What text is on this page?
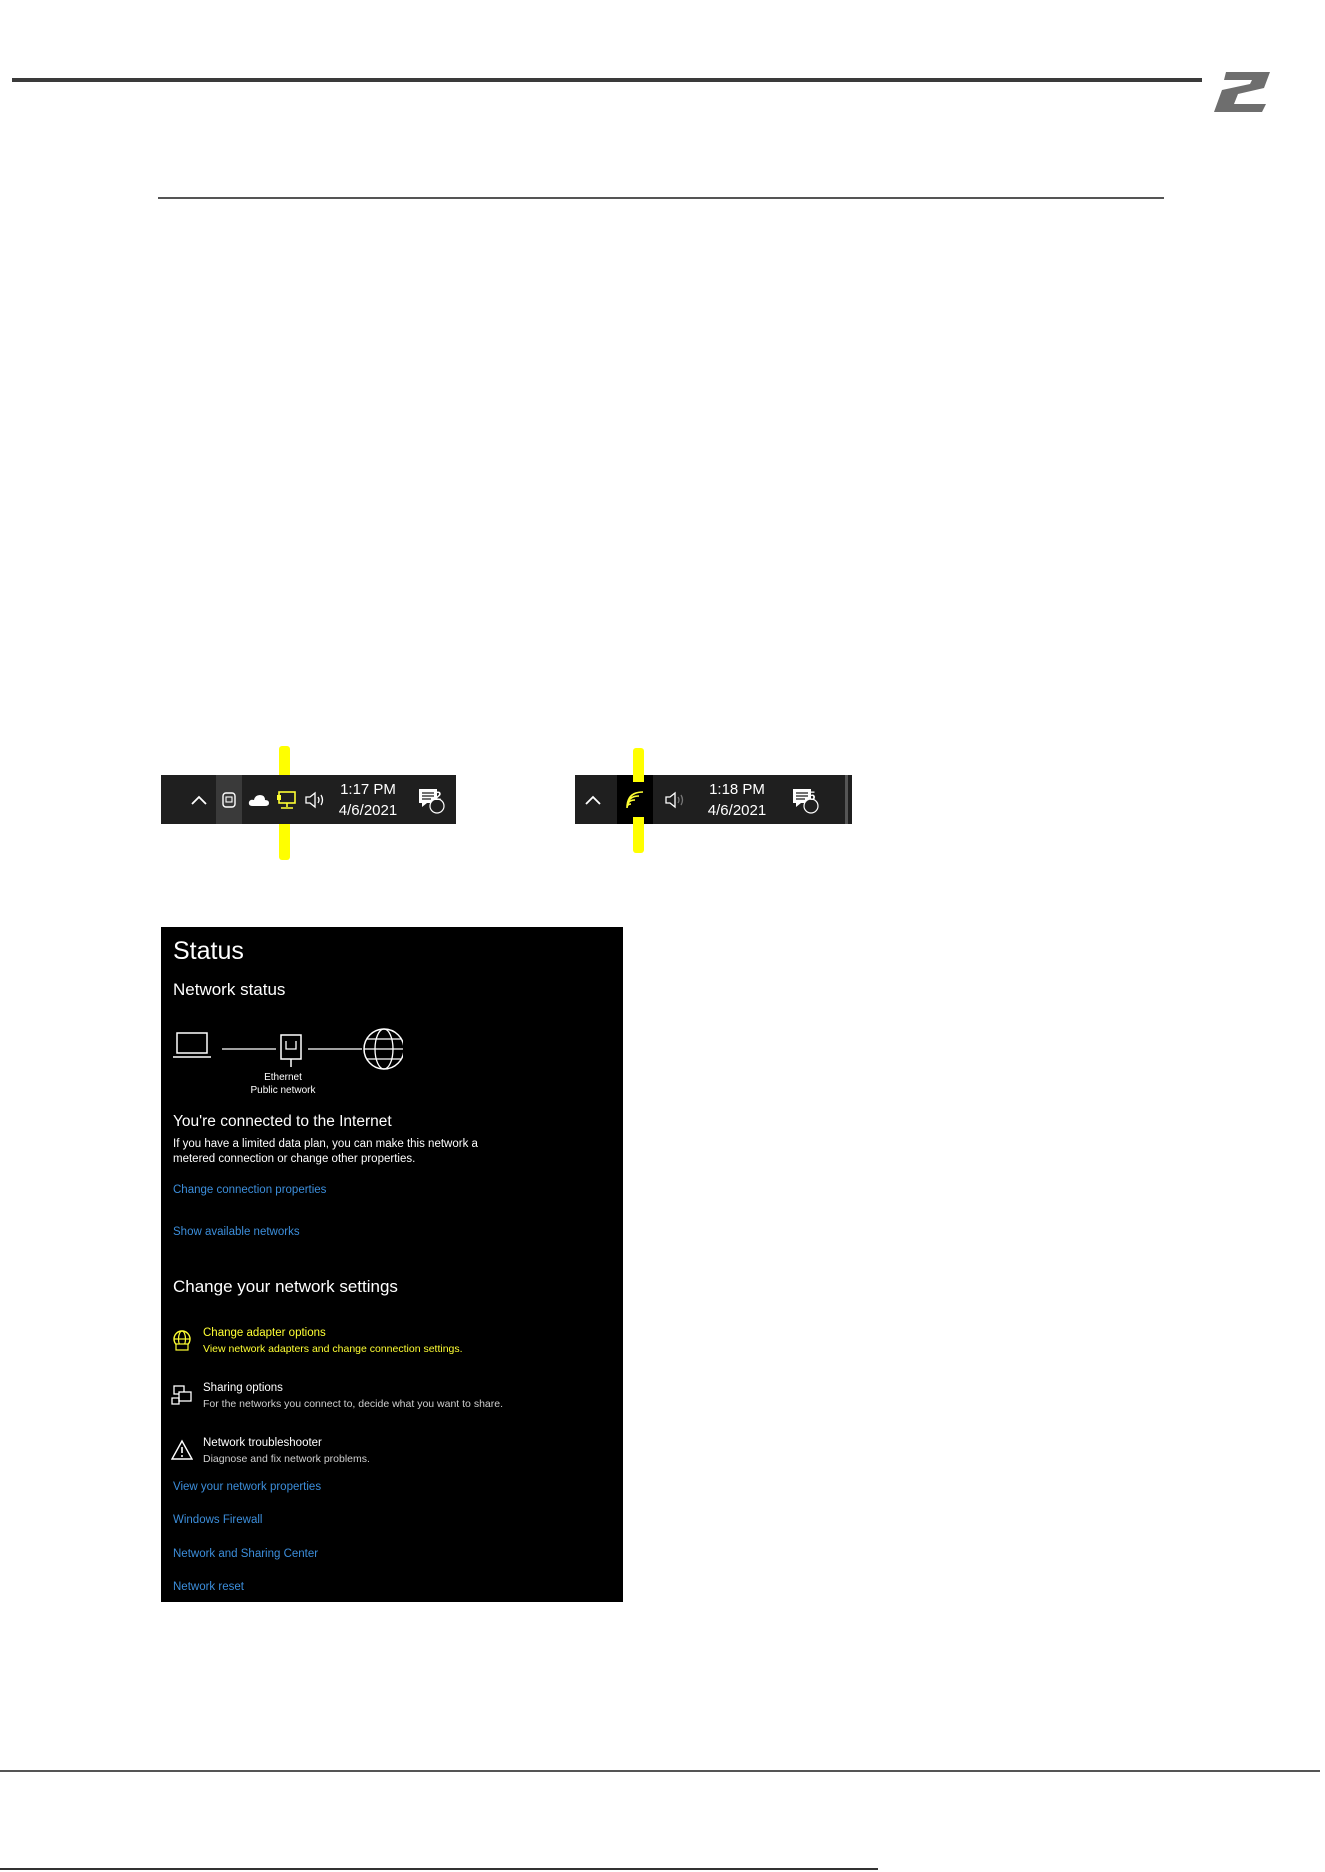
1:17 PM
4/6/2021
2	1:18 PM
4/6/2021
5
Status
Network status
Ethernet
Public network
You're connected to the Internet
If you have a limited data plan, you can make this network a
metered connection or change other properties.
Change connection properties
Show available networks
Change your network settings
Change adapter options
View network adapters and change connection settings.
Sharing options
For the networks you connect to, decide what you want to share.
Network troubleshooter
Diagnose and fix network problems.
View your network properties
Windows Firewall
Network and Sharing Center
Network reset
